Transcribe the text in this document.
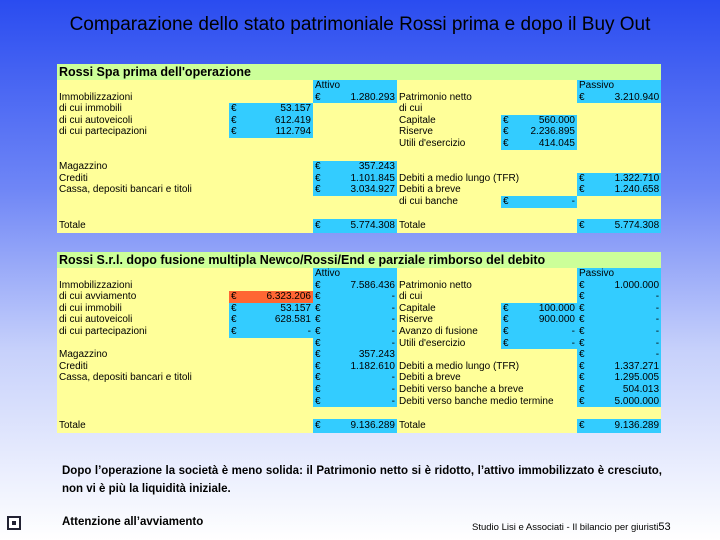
Comparazione dello stato patrimoniale Rossi prima e dopo il Buy Out
Rossi Spa prima dell'operazione									
			Attivo					Passivo	
Immobilizzazioni			€	1.280.293	Patrimonio netto			€	3.210.940
di cui immobili	€	53.157			di cui				
di cui autoveicoli	€	612.419			Capitale	€	560.000		
di cui partecipazioni	€	112.794			Riserve	€	2.236.895		
					Utili d'esercizio	€	414.045		

Magazzino			€	357.243					
Crediti			€	1.101.845	Debiti a medio lungo (TFR)			€	1.322.710
Cassa, depositi bancari e titoli			€	3.034.927	Debiti a breve			€	1.240.658
					di cui banche	€	-		

Totale			€	5.774.308	Totale			€	5.774.308
Rossi S.r.l. dopo fusione multipla Newco/Rossi/End e parziale rimborso del debito									
			Attivo					Passivo	
Immobilizzazioni			€	7.586.436	Patrimonio netto			€	1.000.000
di cui avviamento	€	6.323.206	€	-	di cui			€	-
di cui immobili	€	53.157	€	-	Capitale	€	100.000	€	-
di cui autoveicoli	€	628.581	€	-	Riserve	€	900.000	€	-
di cui partecipazioni	€	-	€	-	Avanzo di fusione	€	-	€	-
			€	-	Utili d'esercizio	€	-	€	-
Magazzino			€	357.243				€	-
Crediti			€	1.182.610	Debiti a medio lungo (TFR)			€	1.337.271
Cassa, depositi bancari e titoli			€	-	Debiti a breve			€	1.295.005
			€	-	Debiti verso banche a breve			€	504.013
			€	-	Debiti verso banche medio termine			€	5.000.000

Totale			€	9.136.289	Totale			€	9.136.289
Dopo l’operazione la società è meno solida: il Patrimonio netto si è ridotto, l’attivo immobilizzato è cresciuto, non vi è più la liquidità iniziale.
Attenzione all’avviamento	Studio Lisi e Associati - Il bilancio per giuristi53
